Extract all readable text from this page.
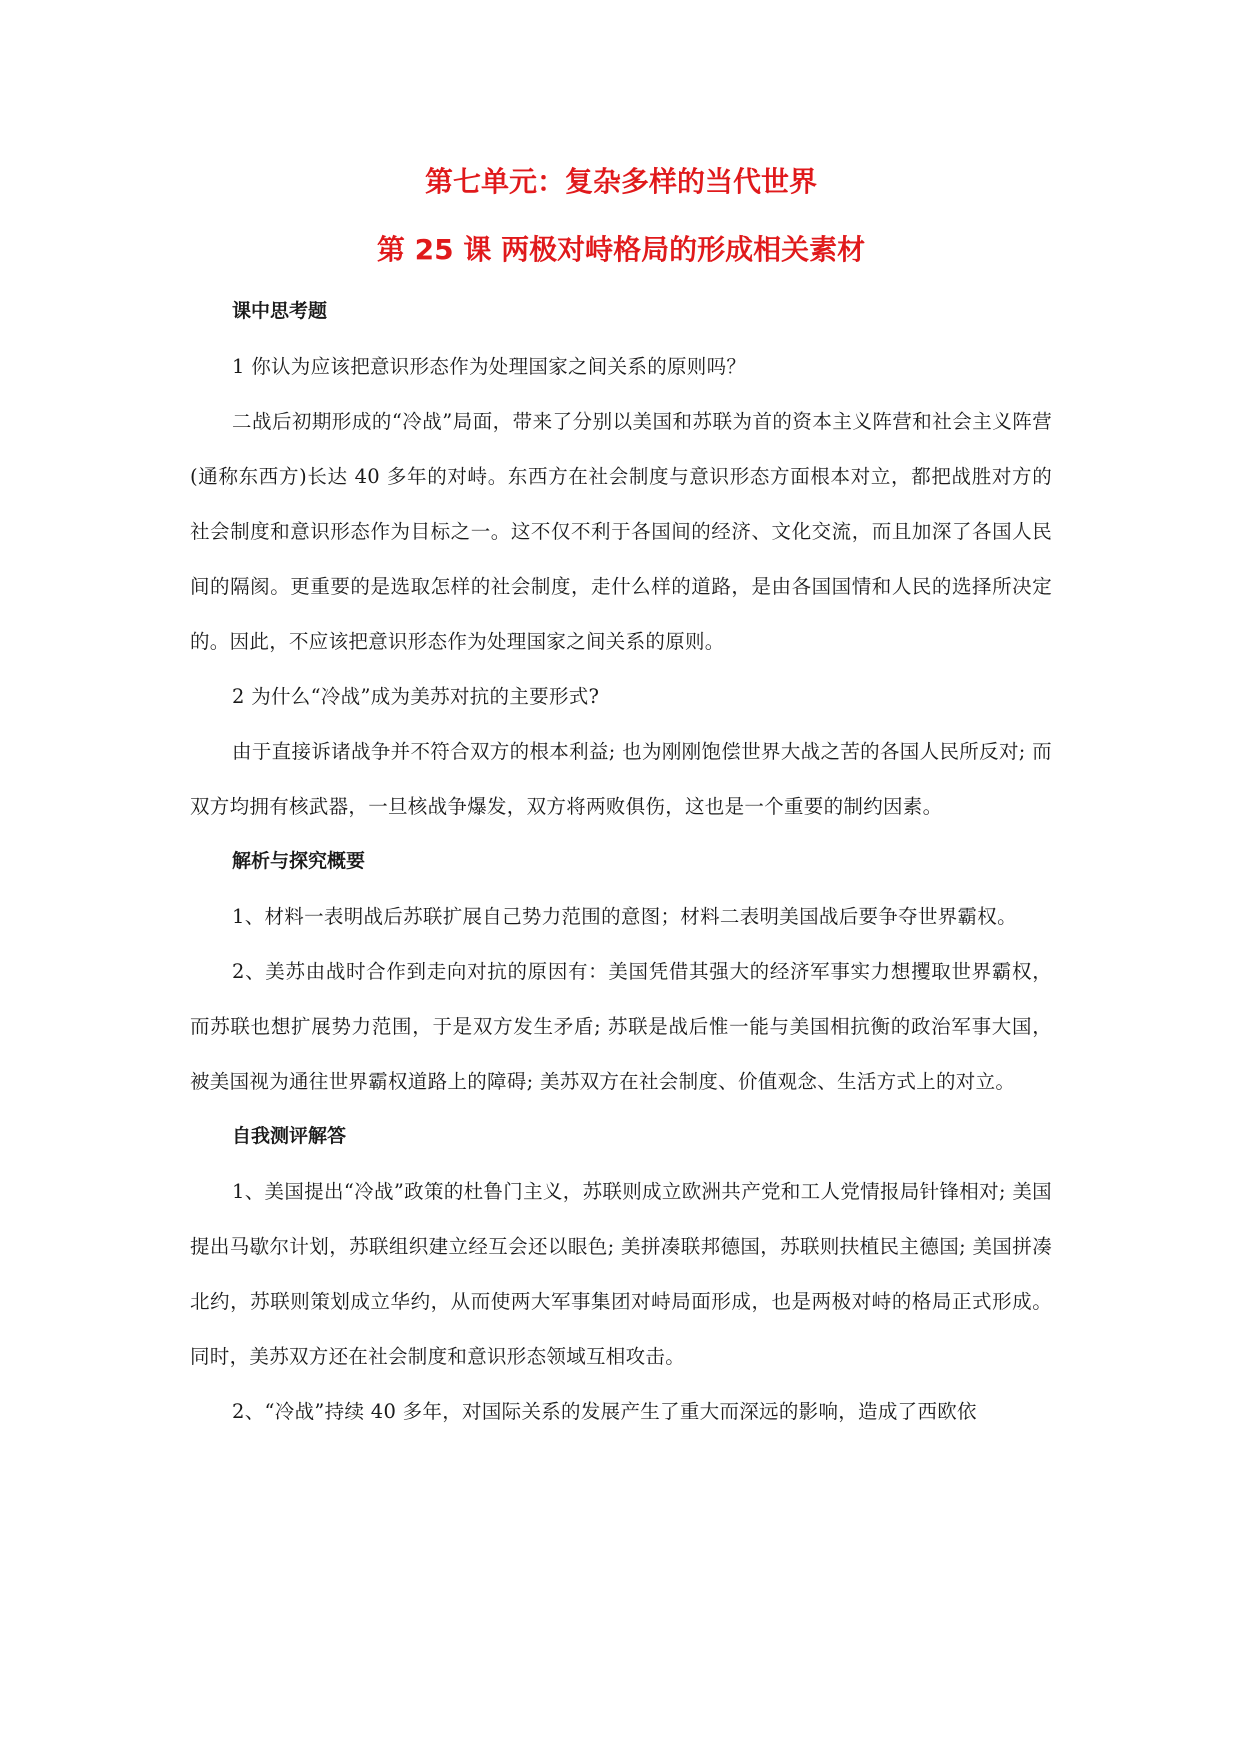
第七单元：复杂多样的当代世界
第 25 课 两极对峙格局的形成相关素材

课中思考题

1 你认为应该把意识形态作为处理国家之间关系的原则吗？

二战后初期形成的“冷战”局面，带来了分别以美国和苏联为首的资本主义阵营和社会主义阵营(通称东西方)长达 40 多年的对峙。东西方在社会制度与意识形态方面根本对立，都把战胜对方的社会制度和意识形态作为目标之一。这不仅不利于各国间的经济、文化交流，而且加深了各国人民间的隔阂。更重要的是选取怎样的社会制度，走什么样的道路，是由各国国情和人民的选择所决定的。因此，不应该把意识形态作为处理国家之间关系的原则。

2 为什么“冷战”成为美苏对抗的主要形式?

由于直接诉诸战争并不符合双方的根本利益; 也为刚刚饱偿世界大战之苦的各国人民所反对; 而双方均拥有核武器，一旦核战争爆发，双方将两败俱伤，这也是一个重要的制约因素。

解析与探究概要

1、材料一表明战后苏联扩展自己势力范围的意图；材料二表明美国战后要争夺世界霸权。

2、美苏由战时合作到走向对抗的原因有：美国凭借其强大的经济军事实力想攫取世界霸权，而苏联也想扩展势力范围，于是双方发生矛盾; 苏联是战后惟一能与美国相抗衡的政治军事大国，被美国视为通往世界霸权道路上的障碍; 美苏双方在社会制度、价值观念、生活方式上的对立。

自我测评解答

1、美国提出“冷战”政策的杜鲁门主义，苏联则成立欧洲共产党和工人党情报局针锋相对; 美国提出马歇尔计划，苏联组织建立经互会还以眼色; 美拼凑联邦德国，苏联则扶植民主德国; 美国拼凑北约，苏联则策划成立华约，从而使两大军事集团对峙局面形成，也是两极对峙的格局正式形成。同时，美苏双方还在社会制度和意识形态领域互相攻击。

2、“冷战”持续 40 多年，对国际关系的发展产生了重大而深远的影响，造成了西欧依
